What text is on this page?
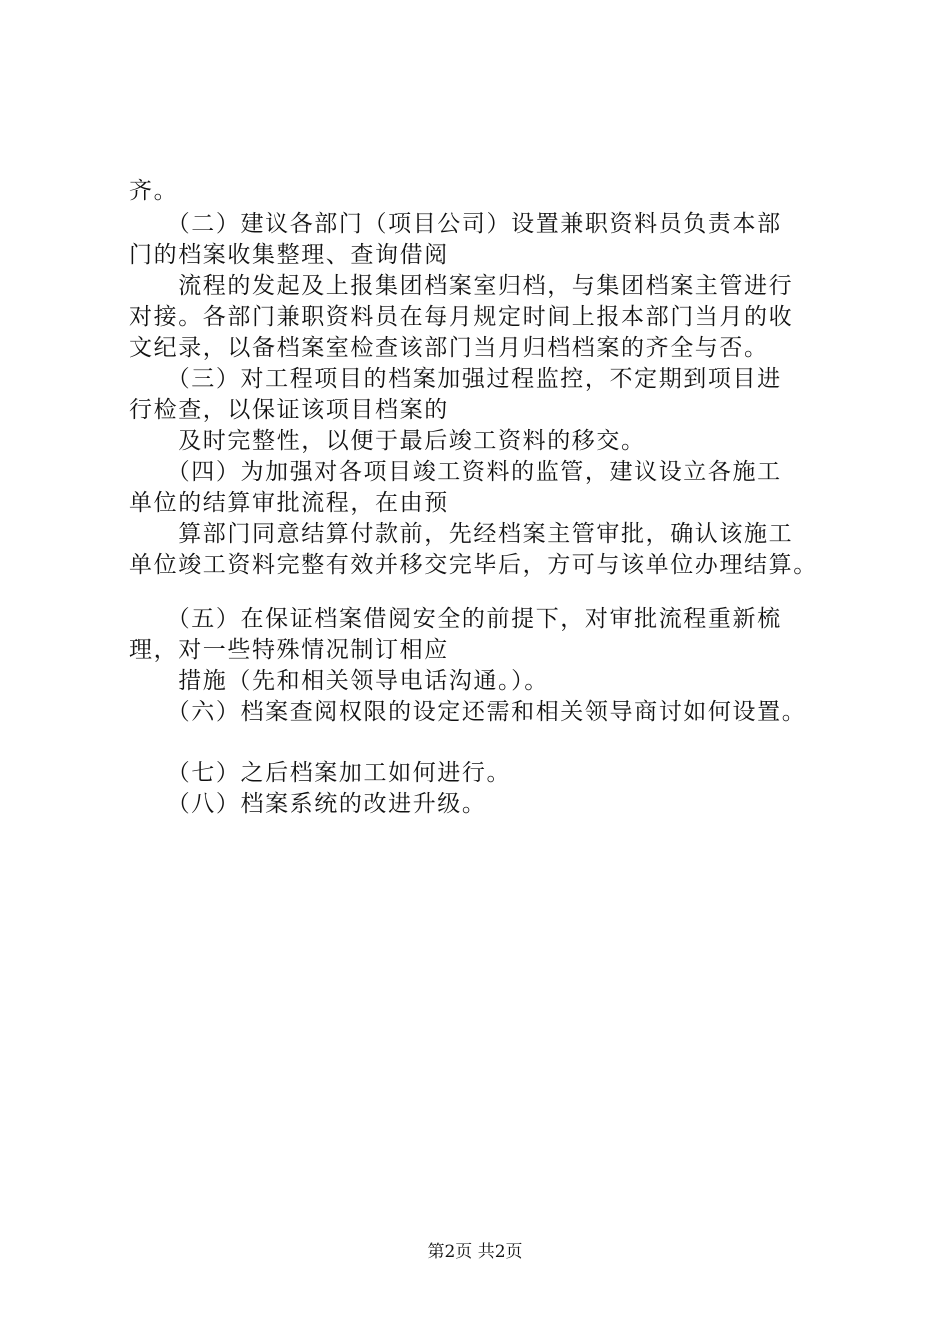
齐。
　　（二）建议各部门（项目公司）设置兼职资料员负责本部
门的档案收集整理、查询借阅
　　流程的发起及上报集团档案室归档，与集团档案主管进行
对接。各部门兼职资料员在每月规定时间上报本部门当月的收
文纪录，以备档案室检查该部门当月归档档案的齐全与否。
　　（三）对工程项目的档案加强过程监控，不定期到项目进
行检查，以保证该项目档案的
　　及时完整性，以便于最后竣工资料的移交。
　　（四）为加强对各项目竣工资料的监管，建议设立各施工
单位的结算审批流程，在由预
　　算部门同意结算付款前，先经档案主管审批，确认该施工
单位竣工资料完整有效并移交完毕后，方可与该单位办理结算。
　　（五）在保证档案借阅安全的前提下，对审批流程重新梳
理，对一些特殊情况制订相应
　　措施（先和相关领导电话沟通。）。
　　（六）档案查阅权限的设定还需和相关领导商讨如何设置。
　　（七）之后档案加工如何进行。
　　（八）档案系统的改进升级。
第2页 共2页
